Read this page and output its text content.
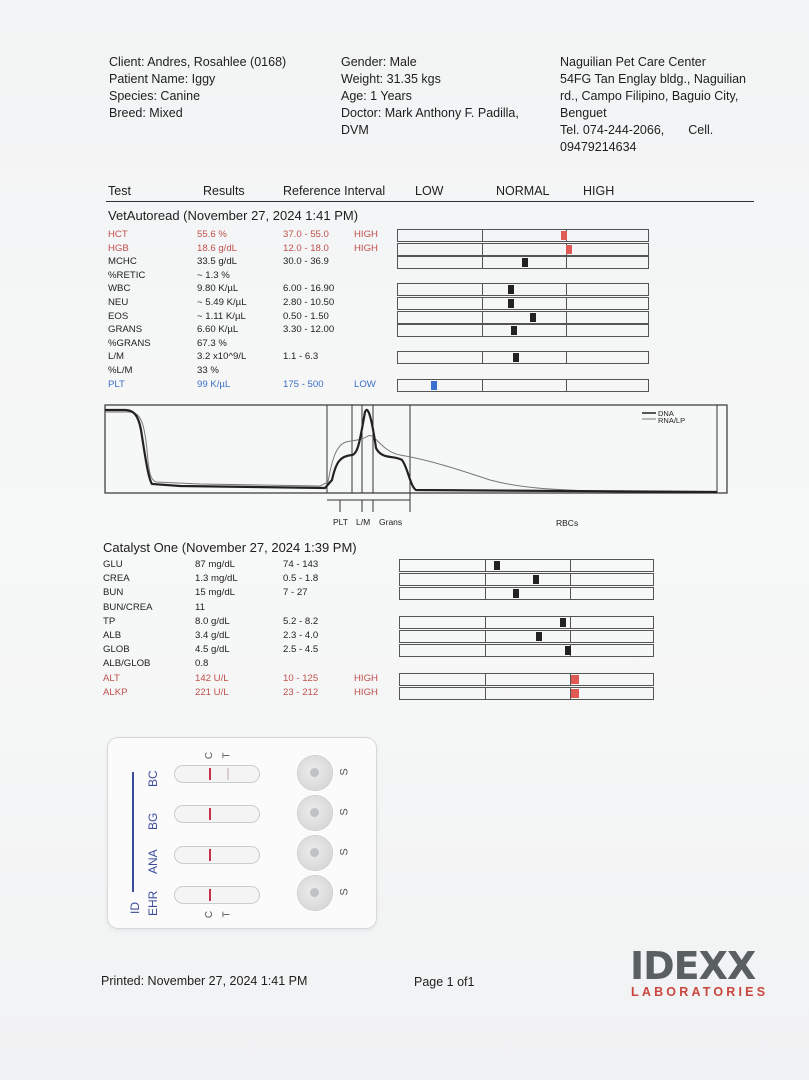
Client: Andres, Rosahlee (0168)
Patient Name: Iggy
Species: Canine
Breed: Mixed
Gender: Male
Weight: 31.35 kgs
Age: 1 Years
Doctor: Mark Anthony F. Padilla,
DVM
Naguilian Pet Care Center
54FG Tan Englay bldg., Naguilian
rd., Campo Filipino, Baguio City,
Benguet
Tel. 074-244-2066, Cell.
09479214634
Test	Results	Reference Interval LOW	NORMAL	HIGH
VetAutoread (November 27, 2024 1:41 PM)
HCT	55.6 %	37.0 - 55.0	HIGH
HGB	18.6 g/dL	12.0 - 18.0	HIGH
MCHC	33.5 g/dL	30.0 - 36.9
%RETIC	~ 1.3 %
WBC	9.80 K/µL	6.00 - 16.90
NEU	~ 5.49 K/µL	2.80 - 10.50
EOS	~ 1.11 K/µL	0.50 - 1.50
GRANS	6.60 K/µL	3.30 - 12.00
%GRANS	67.3 %
L/M	3.2 x10^9/L	1.1 - 6.3
%L/M	33 %
PLT	99 K/µL	175 - 500	LOW
DNA
RNA/LP
PLT L/M Grans	RBCs
Catalyst One (November 27, 2024 1:39 PM)
GLU	87 mg/dL	74 - 143
CREA	1.3 mg/dL	0.5 - 1.8
BUN	15 mg/dL	7 - 27
BUN/CREA	11
TP	8.0 g/dL	5.2 - 8.2
ALB	3.4 g/dL	2.3 - 4.0
GLOB	4.5 g/dL	2.5 - 4.5
ALB/GLOB	0.8
ALT	142 U/L	10 - 125	HIGH
ALKP	221 U/L	23 - 212	HIGH
ID
BC
BG
ANA
EHR
C T
C T
S
S
S
S
Printed: November 27, 2024 1:41 PM	Page 1 of1	IDEXX
LABORATORIES
